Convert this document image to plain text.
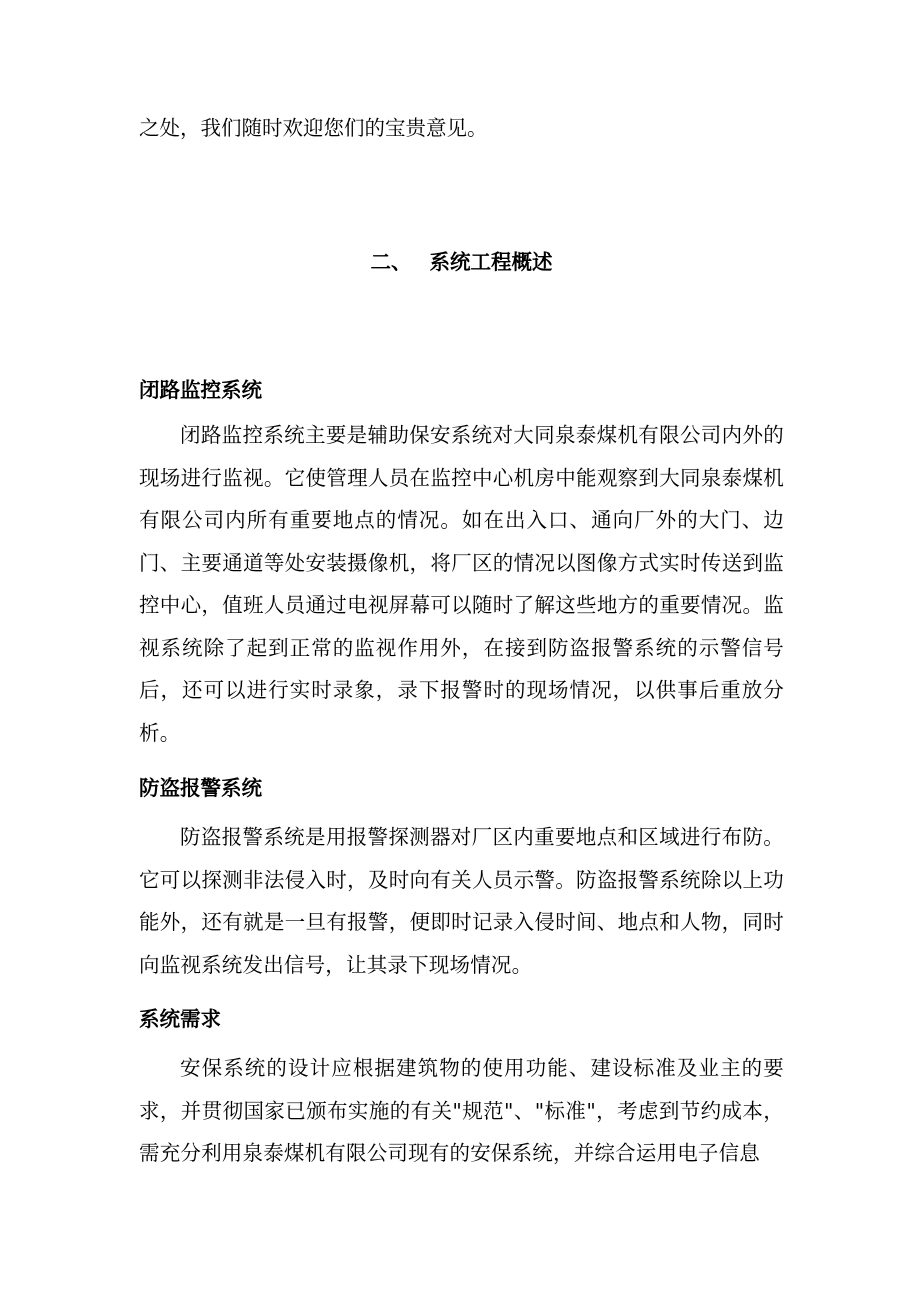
之处，我们随时欢迎您们的宝贵意见。

二、 系统工程概述
闭路监控系统

闭路监控系统主要是辅助保安系统对大同泉泰煤机有限公司内外的现场进行监视。它使管理人员在监控中心机房中能观察到大同泉泰煤机有限公司内所有重要地点的情况。如在出入口、通向厂外的大门、边门、主要通道等处安装摄像机，将厂区的情况以图像方式实时传送到监控中心，值班人员通过电视屏幕可以随时了解这些地方的重要情况。监视系统除了起到正常的监视作用外，在接到防盗报警系统的示警信号后，还可以进行实时录象，录下报警时的现场情况，以供事后重放分析。

防盗报警系统

防盗报警系统是用报警探测器对厂区内重要地点和区域进行布防。它可以探测非法侵入时，及时向有关人员示警。防盗报警系统除以上功能外，还有就是一旦有报警，便即时记录入侵时间、地点和人物，同时向监视系统发出信号，让其录下现场情况。

系统需求

安保系统的设计应根据建筑物的使用功能、建设标准及业主的要求，并贯彻国家已颁布实施的有关"规范"、"标准"，考虑到节约成本，需充分利用泉泰煤机有限公司现有的安保系统，并综合运用电子信息
